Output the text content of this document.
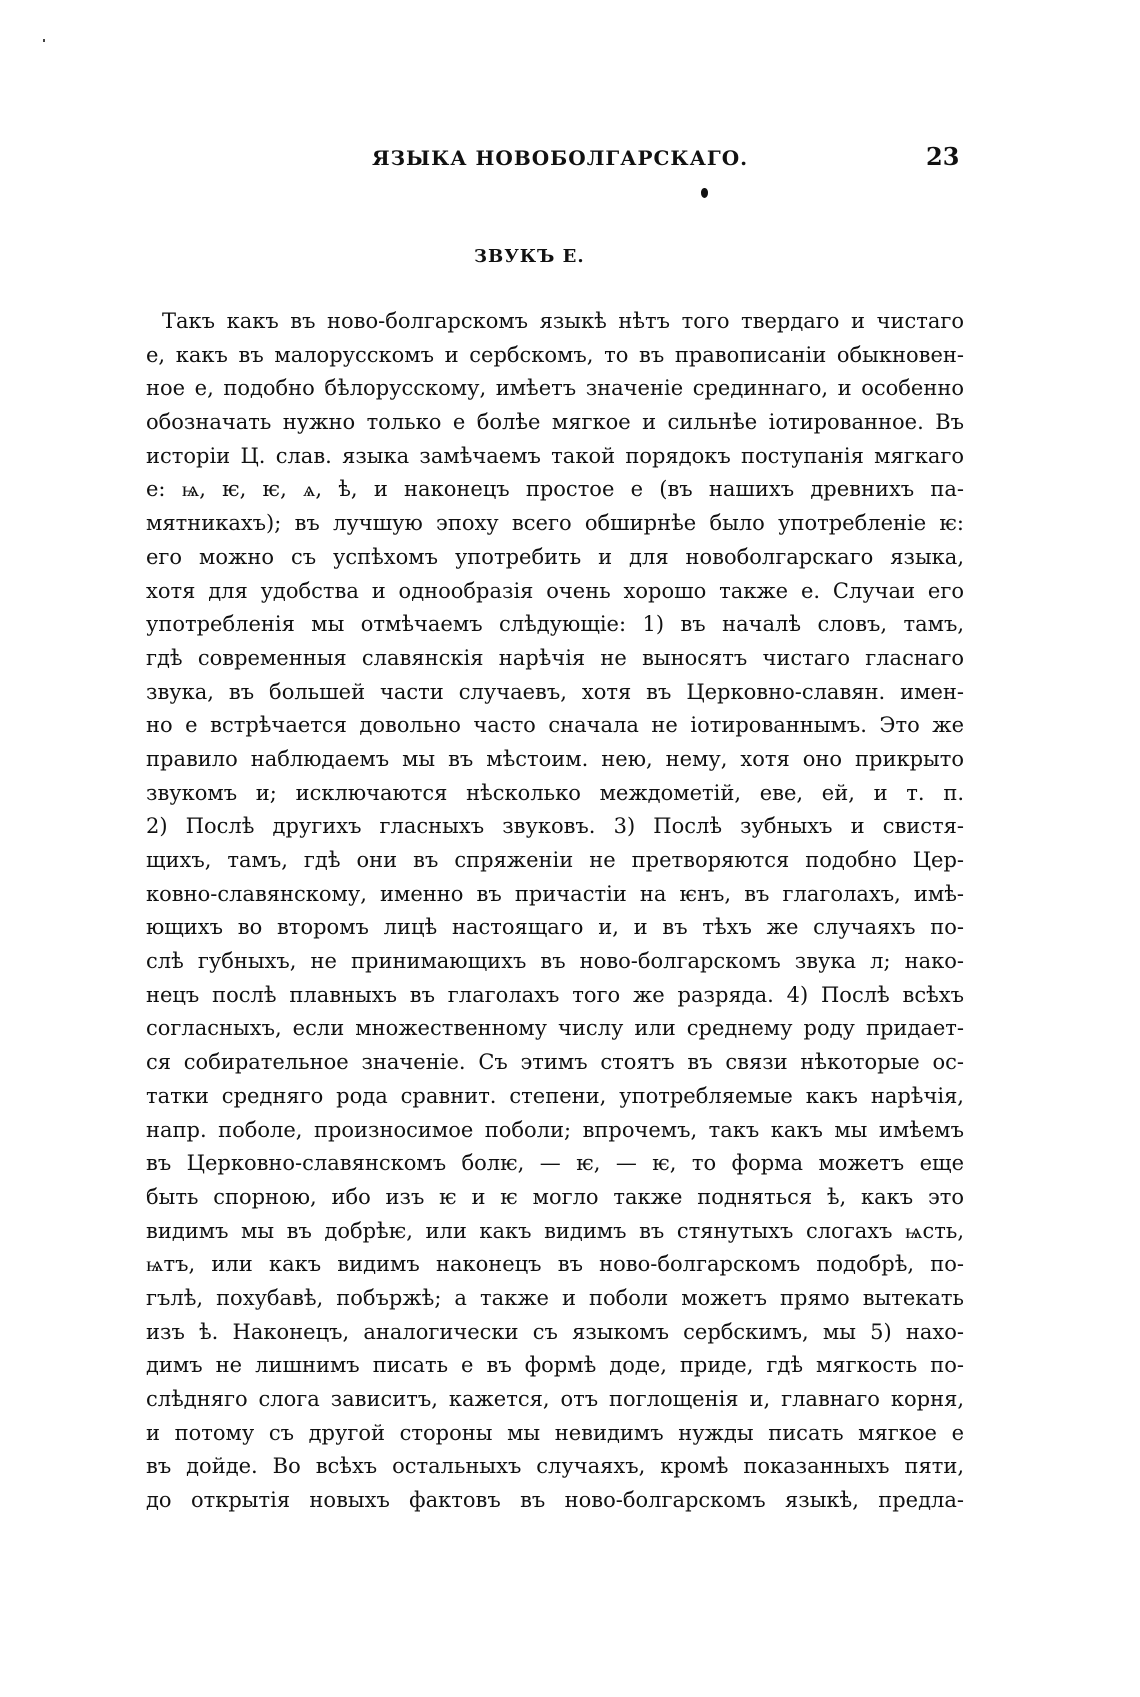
ЯЗЫКА НОВОБОЛГАРСКАГО.	23
ЗВУКЪ Е.
Такъ какъ въ ново-болгарскомъ языкѣ нѣтъ того твердаго и чистаго
е, какъ въ малорусскомъ и сербскомъ, то въ правописаніи обыкновен-
ное е, подобно бѣлорусскому, имѣетъ значеніе срединнаго, и особенно
обозначать нужно только е болѣе мягкое и сильнѣе іотированное. Въ
исторіи Ц. слав. языка замѣчаемъ такой порядокъ поступанія мягкаго
е: ѩ, ѥ, ѥ, ѧ, ѣ, и наконецъ простое е (въ нашихъ древнихъ па-
мятникахъ); въ лучшую эпоху всего обширнѣе было употребленіе ѥ:
его можно съ успѣхомъ употребить и для новоболгарскаго языка,
хотя для удобства и однообразія очень хорошо также е. Случаи его
употребленія мы отмѣчаемъ слѣдующіе: 1) въ началѣ словъ, тамъ,
гдѣ современныя славянскія нарѣчія не выносятъ чистаго гласнаго
звука, въ большей части случаевъ, хотя въ Церковно-славян. имен-
но е встрѣчается довольно часто сначала не іотированнымъ. Это же
правило наблюдаемъ мы въ мѣстоим. нею, нему, хотя оно прикрыто
звукомъ и; исключаются нѣсколько междометій, еве, ей, и т. п.
2) Послѣ другихъ гласныхъ звуковъ. 3) Послѣ зубныхъ и свистя-
щихъ, тамъ, гдѣ они въ спряженіи не претворяются подобно Цер-
ковно-славянскому, именно въ причастіи на ѥнъ, въ глаголахъ, имѣ-
ющихъ во второмъ лицѣ настоящаго и, и въ тѣхъ же случаяхъ по-
слѣ губныхъ, не принимающихъ въ ново-болгарскомъ звука л; нако-
нецъ послѣ плавныхъ въ глаголахъ того же разряда. 4) Послѣ всѣхъ
согласныхъ, если множественному числу или среднему роду придает-
ся собирательное значеніе. Съ этимъ стоятъ въ связи нѣкоторые ос-
татки средняго рода сравнит. степени, употребляемые какъ нарѣчія,
напр. поболе, произносимое поболи; впрочемъ, такъ какъ мы имѣемъ
въ Церковно-славянскомъ болѥ, — ѥ, — ѥ, то форма можетъ еще
быть спорною, ибо изъ ѥ и ѥ могло также подняться ѣ, какъ это
видимъ мы въ добрѣѥ, или какъ видимъ въ стянутыхъ слогахъ ѩсть,
ѩтъ, или какъ видимъ наконецъ въ ново-болгарскомъ подобрѣ, по-
гълѣ, похубавѣ, побържѣ; а также и поболи можетъ прямо вытекать
изъ ѣ. Наконецъ, аналогически съ языкомъ сербскимъ, мы 5) нахо-
димъ не лишнимъ писать е въ формѣ доде, приде, гдѣ мягкость по-
слѣдняго слога зависитъ, кажется, отъ поглощенія и, главнаго корня,
и потому съ другой стороны мы невидимъ нужды писать мягкое е
въ дойде. Во всѣхъ остальныхъ случаяхъ, кромѣ показанныхъ пяти,
до открытія новыхъ фактовъ въ ново-болгарскомъ языкѣ, предла-
